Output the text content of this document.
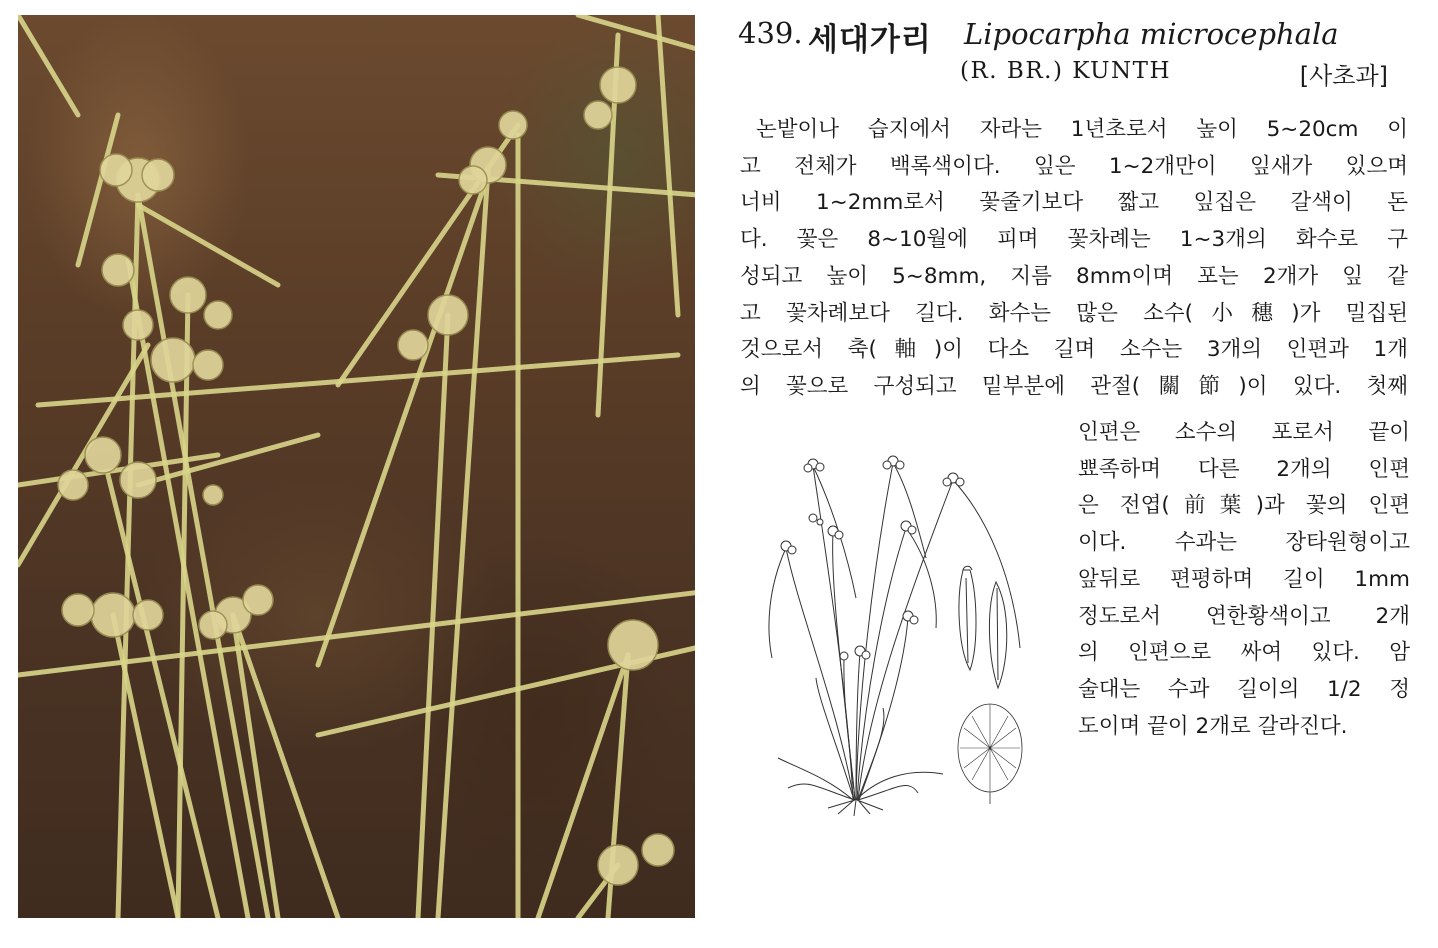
439. 세대가리 Lipocarpha microcephala
(R. BR.) KUNTH	[사초과]
논밭이나 습지에서 자라는 1년초로서 높이 5~20cm 이
고 전체가 백록색이다. 잎은 1~2개만이 잎새가 있으며
너비 1~2mm로서 꽃줄기보다 짧고 잎집은 갈색이 돈
다. 꽃은 8~10월에 피며 꽃차례는 1~3개의 화수로 구
성되고 높이 5~8mm, 지름 8mm이며 포는 2개가 잎 같
고 꽃차례보다 길다. 화수는 많은 소수(小穗)가 밀집된
것으로서 축(軸)이 다소 길며 소수는 3개의 인편과 1개
의 꽃으로 구성되고 밑부분에 관절(關節)이 있다. 첫째
인편은 소수의 포로서 끝이
뾰족하며 다른 2개의 인편
은 전엽(前葉)과 꽃의 인편
이다. 수과는 장타원형이고
앞뒤로 편평하며 길이 1mm
정도로서 연한황색이고 2개
의 인편으로 싸여 있다. 암
술대는 수과 길이의 1/2 정
도이며 끝이 2개로 갈라진다.
